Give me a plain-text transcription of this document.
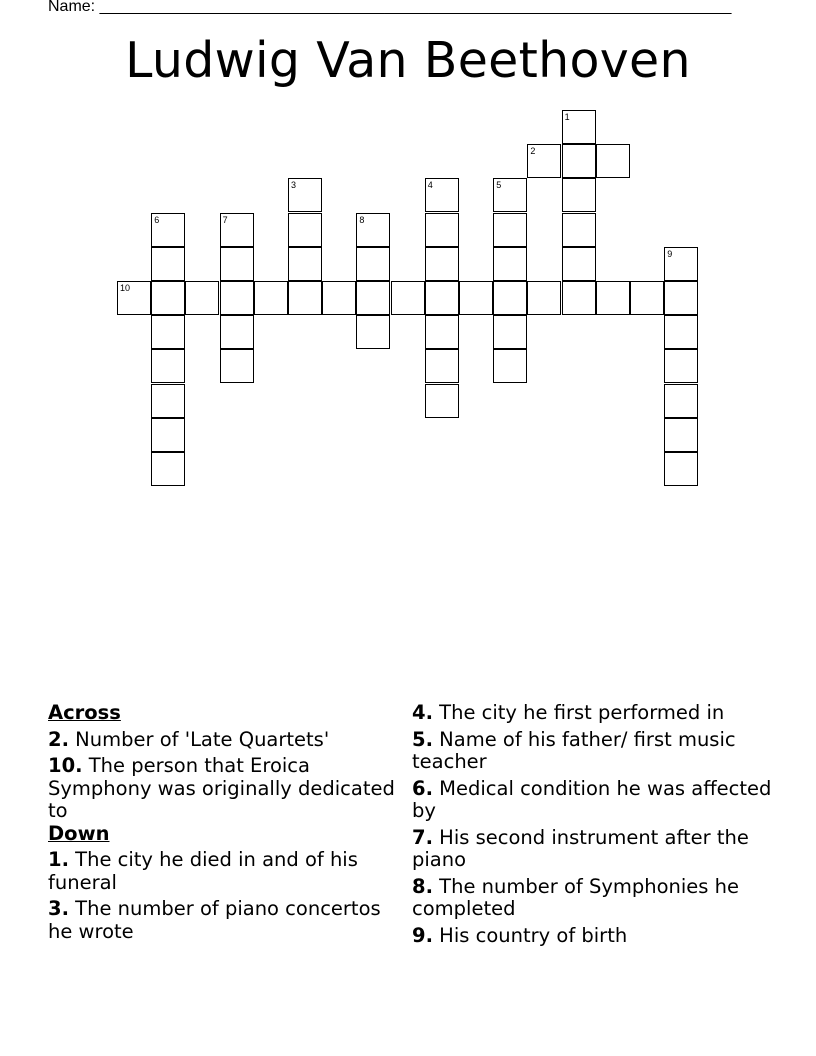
Name: _______________________________________________________________________
Ludwig Van Beethoven
1
2
3	4	5
6	7	8
9
10
Across
2. Number of 'Late Quartets'
10. The person that Eroica Symphony was originally dedicated to
Down
1. The city he died in and of his funeral
3. The number of piano concertos he wrote
4. The city he first performed in
5. Name of his father/ first music teacher
6. Medical condition he was affected by
7. His second instrument after the piano
8. The number of Symphonies he completed
9. His country of birth
